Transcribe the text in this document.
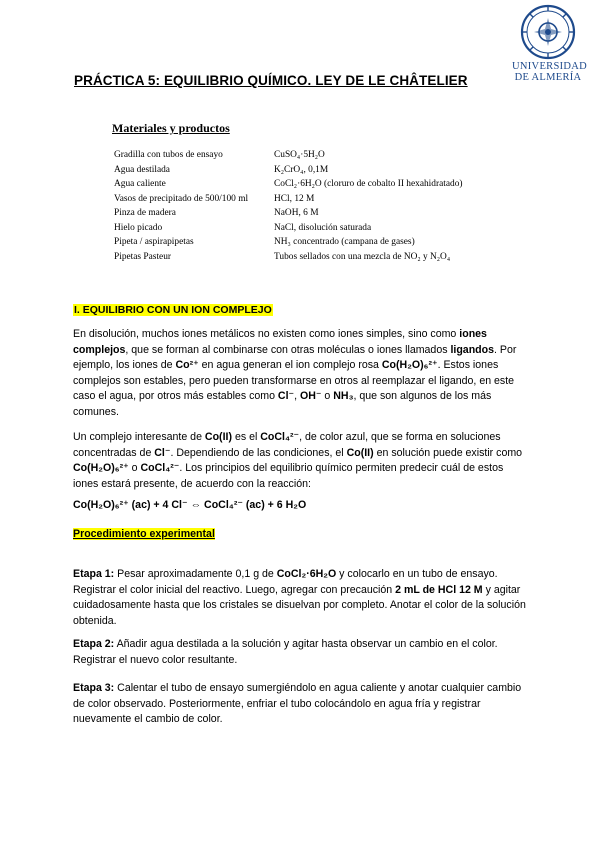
UNIVERSIDAD
DE ALMERÍA
PRÁCTICA 5: EQUILIBRIO QUÍMICO. LEY DE LE CHÂTELIER
Materiales y productos
Gradilla con tubos de ensayo	CuSO₄·5H₂O
Agua destilada	K₂CrO₄, 0,1M
Agua caliente	CoCl₂·6H₂O (cloruro de cobalto II hexahidratado)
Vasos de precipitado de 500/100 ml	HCl, 12 M
Pinza de madera	NaOH, 6 M
Hielo picado	NaCl, disolución saturada
Pipeta / aspirapipetas	NH₃ concentrado (campana de gases)
Pipetas Pasteur	Tubos sellados con una mezcla de NO₂ y N₂O₄
I. EQUILIBRIO CON UN ION COMPLEJO
En disolución, muchos iones metálicos no existen como iones simples, sino como iones complejos, que se forman al combinarse con otras moléculas o iones llamados ligandos. Por ejemplo, los iones de Co²⁺ en agua generan el ion complejo rosa Co(H₂O)₆²⁺. Estos iones complejos son estables, pero pueden transformarse en otros al reemplazar el ligando, en este caso el agua, por otros más estables como Cl⁻, OH⁻ o NH₃, que son algunos de los más comunes.
Un complejo interesante de Co(II) es el CoCl₄²⁻, de color azul, que se forma en soluciones concentradas de Cl⁻. Dependiendo de las condiciones, el Co(II) en solución puede existir como Co(H₂O)₆²⁺ o CoCl₄²⁻. Los principios del equilibrio químico permiten predecir cuál de estos iones estará presente, de acuerdo con la reacción:
Co(H₂O)₆²⁺ (ac) + 4 Cl⁻ ⇔ CoCl₄²⁻ (ac) + 6 H₂O
Procedimiento experimental
Etapa 1: Pesar aproximadamente 0,1 g de CoCl₂·6H₂O y colocarlo en un tubo de ensayo. Registrar el color inicial del reactivo. Luego, agregar con precaución 2 mL de HCl 12 M y agitar cuidadosamente hasta que los cristales se disuelvan por completo. Anotar el color de la solución obtenida.
Etapa 2: Añadir agua destilada a la solución y agitar hasta observar un cambio en el color. Registrar el nuevo color resultante.
Etapa 3: Calentar el tubo de ensayo sumergiéndolo en agua caliente y anotar cualquier cambio de color observado. Posteriormente, enfriar el tubo colocándolo en agua fría y registrar nuevamente el cambio de color.
